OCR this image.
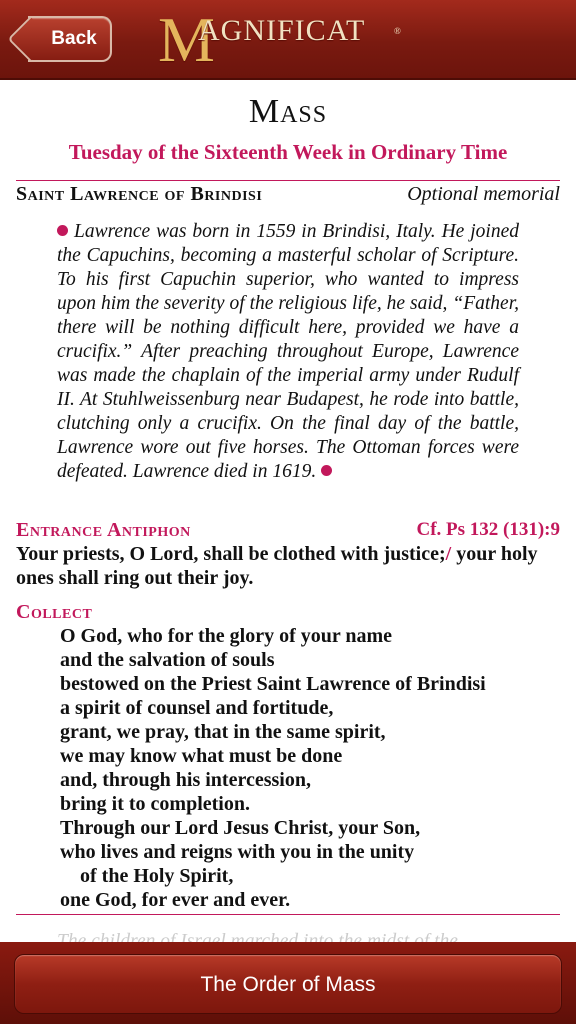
Back M
AGNIFICAT	®
Mass
Tuesday of the Sixteenth Week in Ordinary Time
Saint Lawrence of Brindisi	Optional memorial
Lawrence was born in 1559 in Brindisi, Italy. He joined the Capuchins, becoming a masterful scholar of Scripture. To his first Capuchin superior, who wanted to impress upon him the severity of the religious life, he said, “Father, there will be nothing difficult here, provided we have a crucifix.” After preaching throughout Europe, Lawrence was made the chaplain of the imperial army under Rudulf II. At Stuhlweissenburg near Budapest, he rode into battle, clutching only a crucifix. On the final day of the battle, Lawrence wore out five horses. The Ottoman forces were defeated. Lawrence died in 1619.
Entrance Antiphon	Cf. Ps 132 (131):9
Your priests, O Lord, shall be clothed with justice;/ your holy ones shall ring out their joy.
Collect
O God, who for the glory of your name
and the salvation of souls
bestowed on the Priest Saint Lawrence of Brindisi
a spirit of counsel and fortitude,
grant, we pray, that in the same spirit,
we may know what must be done
and, through his intercession,
bring it to completion.
Through our Lord Jesus Christ, your Son,
who lives and reigns with you in the unity
of the Holy Spirit,
one God, for ever and ever.
The Order of Mass
